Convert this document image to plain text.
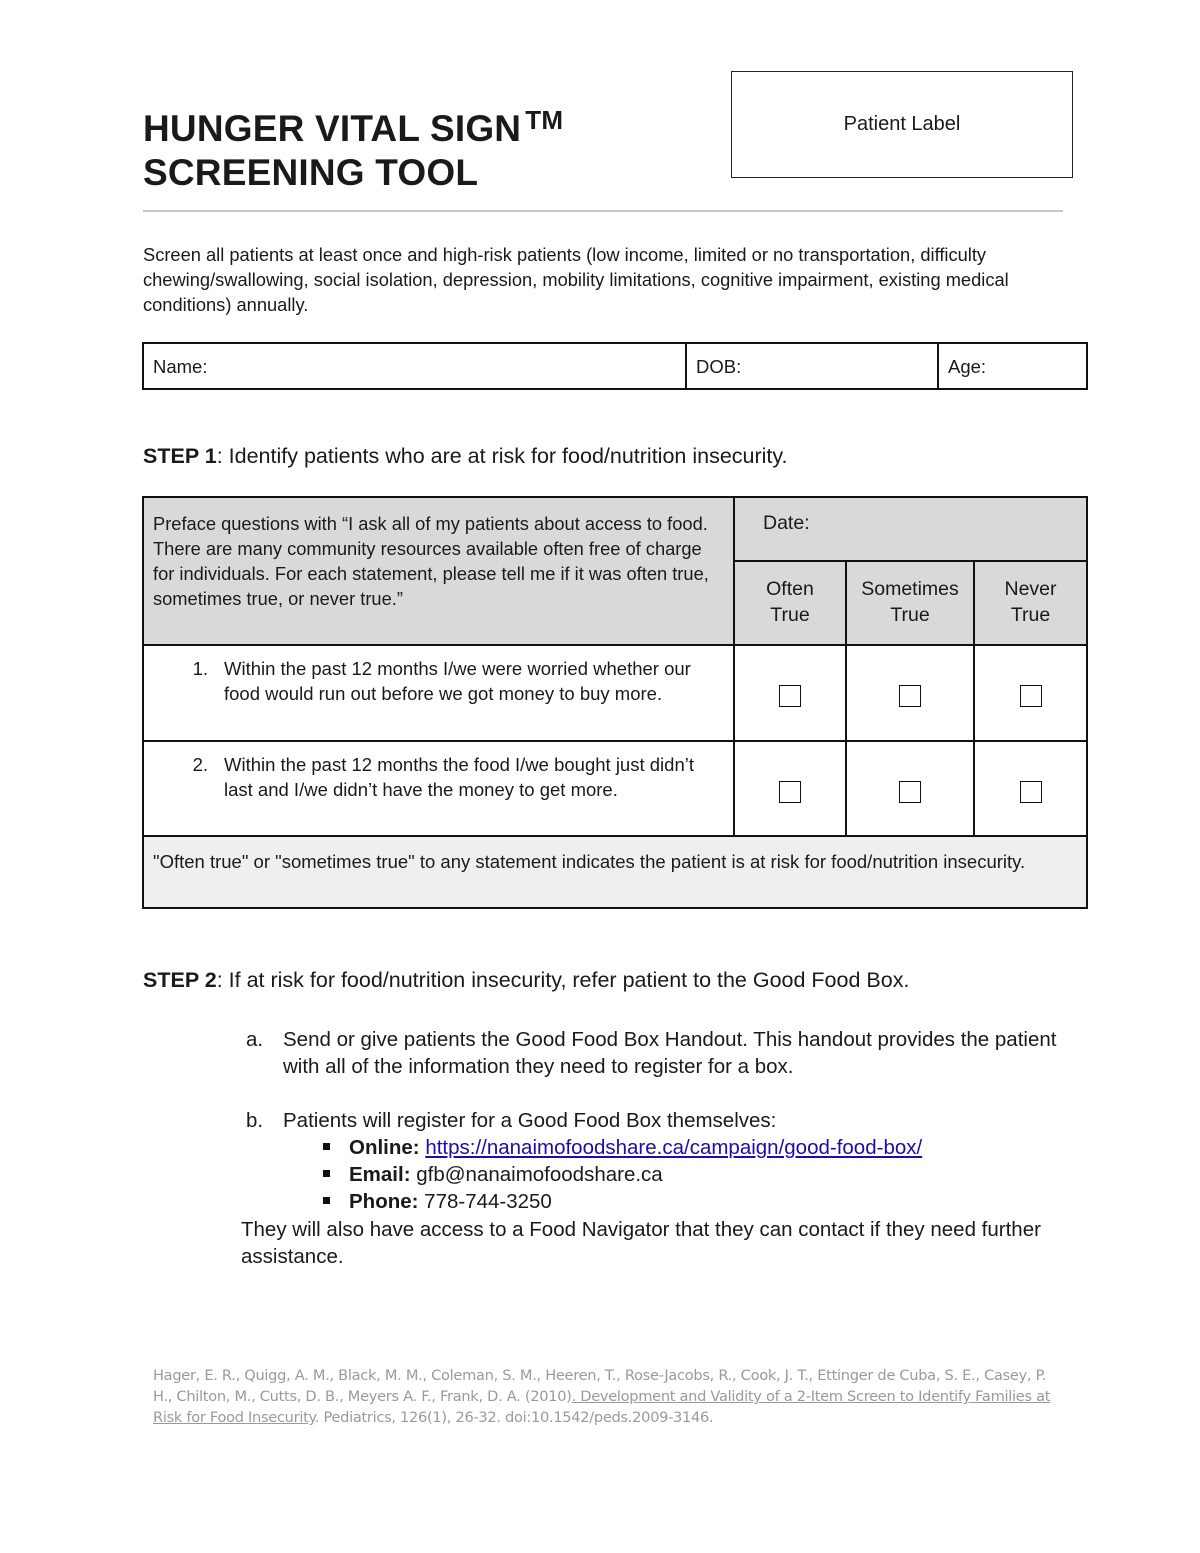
HUNGER VITAL SIGN ™
SCREENING TOOL
Patient Label

Screen all patients at least once and high-risk patients (low income, limited or no transportation, difficulty chewing/swallowing, social isolation, depression, mobility limitations, cognitive impairment, existing medical conditions) annually.

Name:	DOB:	Age:

STEP 1: Identify patients who are at risk for food/nutrition insecurity.

Preface questions with “I ask all of my patients about access to food. There are many community resources available often free of charge for individuals. For each statement, please tell me if it was often true, sometimes true, or never true.”
Date:
Often
True
Sometimes
True
Never
True
1. Within the past 12 months I/we were worried whether our food would run out before we got money to buy more.
2. Within the past 12 months the food I/we bought just didn’t last and I/we didn’t have the money to get more.
"Often true" or "sometimes true" to any statement indicates the patient is at risk for food/nutrition insecurity.

STEP 2: If at risk for food/nutrition insecurity, refer patient to the Good Food Box.

a. Send or give patients the Good Food Box Handout. This handout provides the patient with all of the information they need to register for a box.
b. Patients will register for a Good Food Box themselves:
Online: https://nanaimofoodshare.ca/campaign/good-food-box/
Email: gfb@nanaimofoodshare.ca
Phone: 778-744-3250
They will also have access to a Food Navigator that they can contact if they need further assistance.

Hager, E. R., Quigg, A. M., Black, M. M., Coleman, S. M., Heeren, T., Rose-Jacobs, R., Cook, J. T., Ettinger de Cuba, S. E., Casey, P. H., Chilton, M., Cutts, D. B., Meyers A. F., Frank, D. A. (2010). Development and Validity of a 2-Item Screen to Identify Families at Risk for Food Insecurity. Pediatrics, 126(1), 26-32. doi:10.1542/peds.2009-3146.
